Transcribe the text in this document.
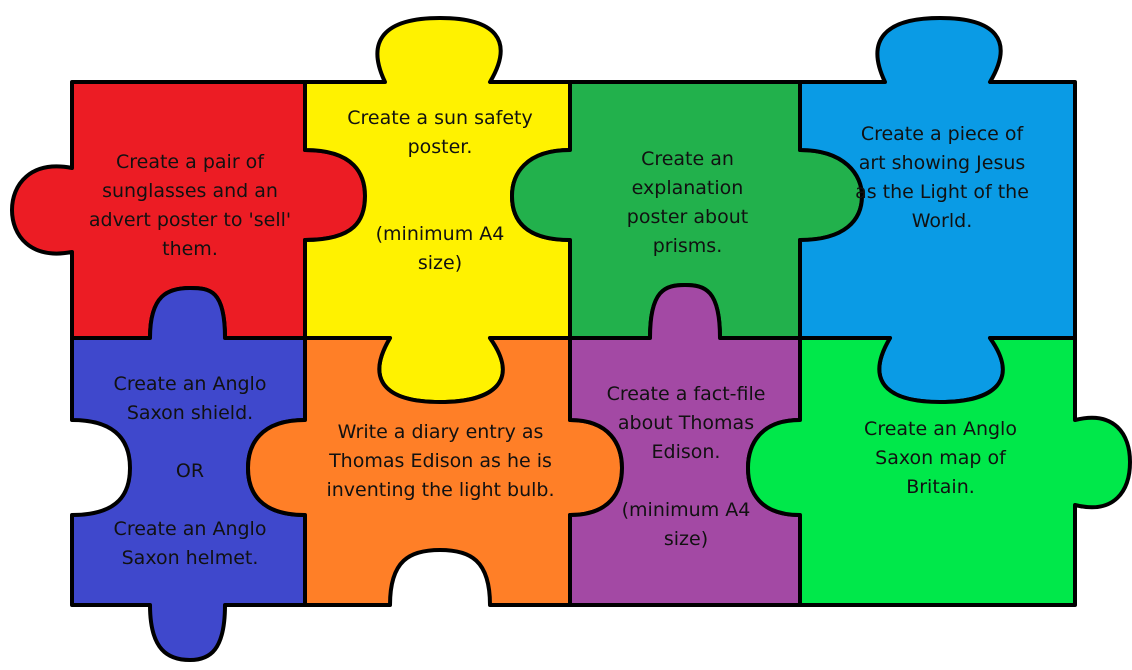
Create a pair of sunglasses and an advert poster to 'sell' them.

Create a sun safety poster.

(minimum A4 size)

Create an explanation poster about prisms.

Create a piece of art showing Jesus as the Light of the World.

Create an Anglo Saxon shield.

OR

Create an Anglo Saxon helmet.

Write a diary entry as Thomas Edison as he is inventing the light bulb.

Create a fact-file about Thomas Edison.

(minimum A4 size)

Create an Anglo Saxon map of Britain.
